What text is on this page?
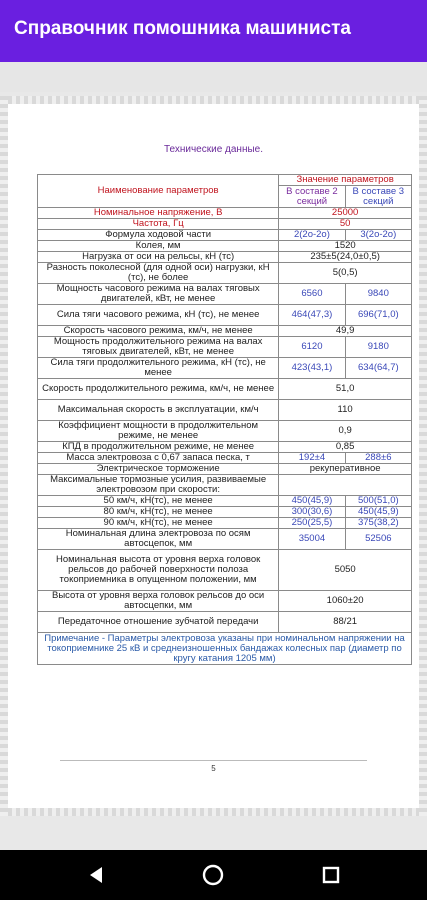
Справочник помошника машиниста
Технические данные.
Наименование параметров	Значение параметров	
	В составе 2 секций	В составе 3 секций
Номинальное напряжение, В	25000	
Частота, Гц	50	
Формула ходовой части	2(2о-2о)	3(2о-2о)
Колея, мм	1520	
Нагрузка от оси на рельсы, кН (тс)	235±5(24,0±0,5)	
Разность поколесной (для одной оси) нагрузки, кН (тс), не более	5(0,5)	
Мощность часового режима на валах тяговых двигателей, кВт, не менее	6560	9840
Сила тяги часового режима, кН (тс), не менее	464(47,3)	696(71,0)
Скорость часового режима, км/ч, не менее	49,9	
Мощность продолжительного режима на валах тяговых двигателей, кВт, не менее	6120	9180
Сила тяги продолжительного режима, кН (тс), не менее	423(43,1)	634(64,7)
Скорость продолжительного режима, км/ч, не менее	51,0	
Максимальная скорость в эксплуатации, км/ч	110	
Коэффициент мощности в продолжительном режиме, не менее	0,9	
КПД в продолжительном режиме, не менее	0,85	
Масса электровоза с 0,67 запаса песка, т	192±4	288±6
Электрическое торможение	рекуперативное	
Максимальные тормозные усилия, развиваемые электровозом при скорости:		
50 км/ч, кН(тс), не менее	450(45,9)	500(51,0)
80 км/ч, кН(тс), не менее	300(30,6)	450(45,9)
90 км/ч, кН(тс), не менее	250(25,5)	375(38,2)
Номинальная длина электровоза по осям автосцепок, мм	35004	52506
Номинальная высота от уровня верха головок рельсов до рабочей поверхности полоза токоприемника в опущенном положении, мм	5050	
Высота от уровня верха головок рельсов до оси автосцепки, мм	1060±20	
Передаточное отношение зубчатой передачи	88/21	
Примечание - Параметры электровоза указаны при номинальном напряжении на токоприемнике 25 кВ и среднеизношенных бандажах колесных пар (диаметр по кругу катания 1205 мм)		
5
